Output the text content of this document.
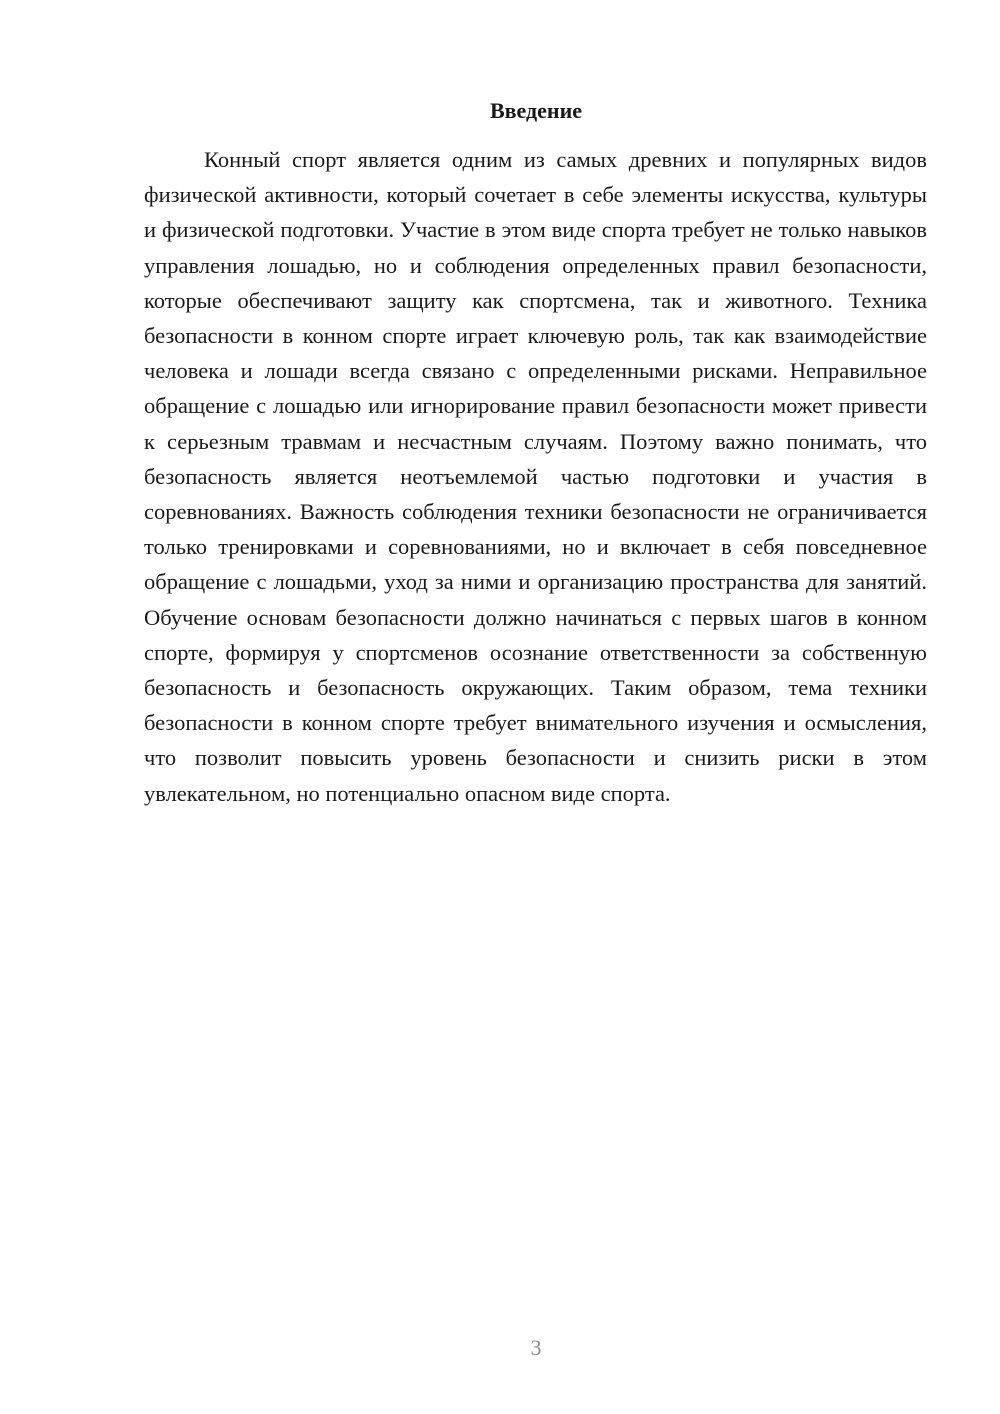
Введение

Конный спорт является одним из самых древних и популярных видов физической активности, который сочетает в себе элементы искусства, культуры и физической подготовки. Участие в этом виде спорта требует не только навыков управления лошадью, но и соблюдения определенных правил безопасности, которые обеспечивают защиту как спортсмена, так и животного. Техника безопасности в конном спорте играет ключевую роль, так как взаимодействие человека и лошади всегда связано с определенными рисками. Неправильное обращение с лошадью или игнорирование правил безопасности может привести к серьезным травмам и несчастным случаям. Поэтому важно понимать, что безопасность является неотъемлемой частью подготовки и участия в соревнованиях. Важность соблюдения техники безопасности не ограничивается только тренировками и соревнованиями, но и включает в себя повседневное обращение с лошадьми, уход за ними и организацию пространства для занятий. Обучение основам безопасности должно начинаться с первых шагов в конном спорте, формируя у спортсменов осознание ответственности за собственную безопасность и безопасность окружающих. Таким образом, тема техники безопасности в конном спорте требует внимательного изучения и осмысления, что позволит повысить уровень безопасности и снизить риски в этом увлекательном, но потенциально опасном виде спорта.

3
